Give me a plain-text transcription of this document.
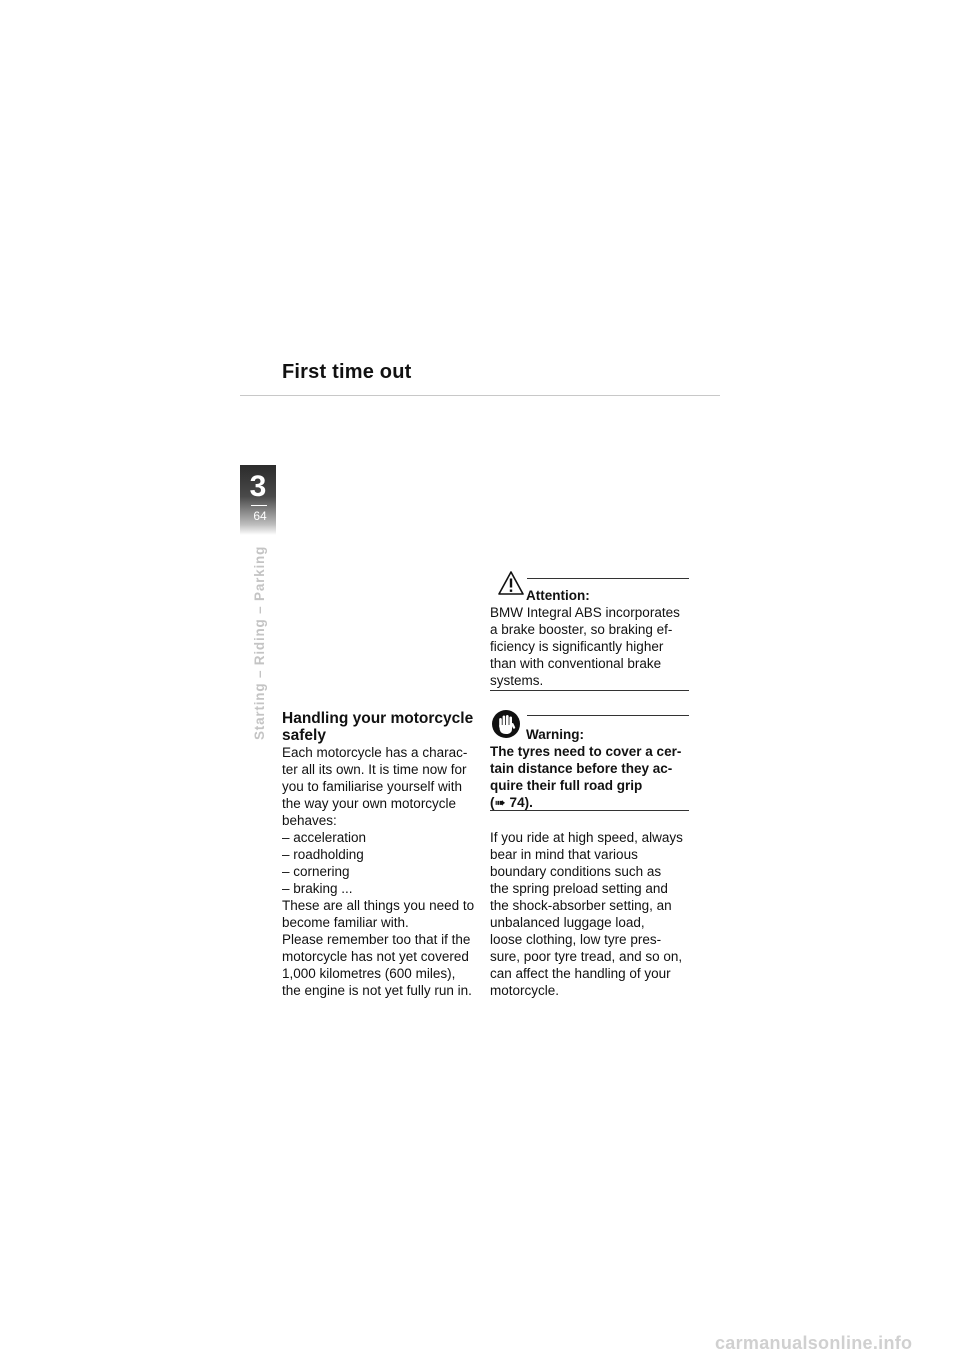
First time out
3
64
Starting – Riding – Parking Handling your motorcycle safely

Each motorcycle has a charac-
ter all its own. It is time now for
you to familiarise yourself with
the way your own motorcycle
behaves:
– acceleration
– roadholding
– cornering
– braking ...
These are all things you need to
become familiar with.
Please remember too that if the
motorcycle has not yet covered
1,000 kilometres (600 miles),
the engine is not yet fully run in.

Attention:

BMW Integral ABS incorporates
a brake booster, so braking ef-
ficiency is significantly higher
than with conventional brake
systems.

Warning:

The tyres need to cover a cer-
tain distance before they ac-
quire their full road grip
(➠ 74).

If you ride at high speed, always
bear in mind that various
boundary conditions such as
the spring preload setting and
the shock-absorber setting, an
unbalanced luggage load,
loose clothing, low tyre pres-
sure, poor tyre tread, and so on,
can affect the handling of your
motorcycle.

carmanualsonline.info
